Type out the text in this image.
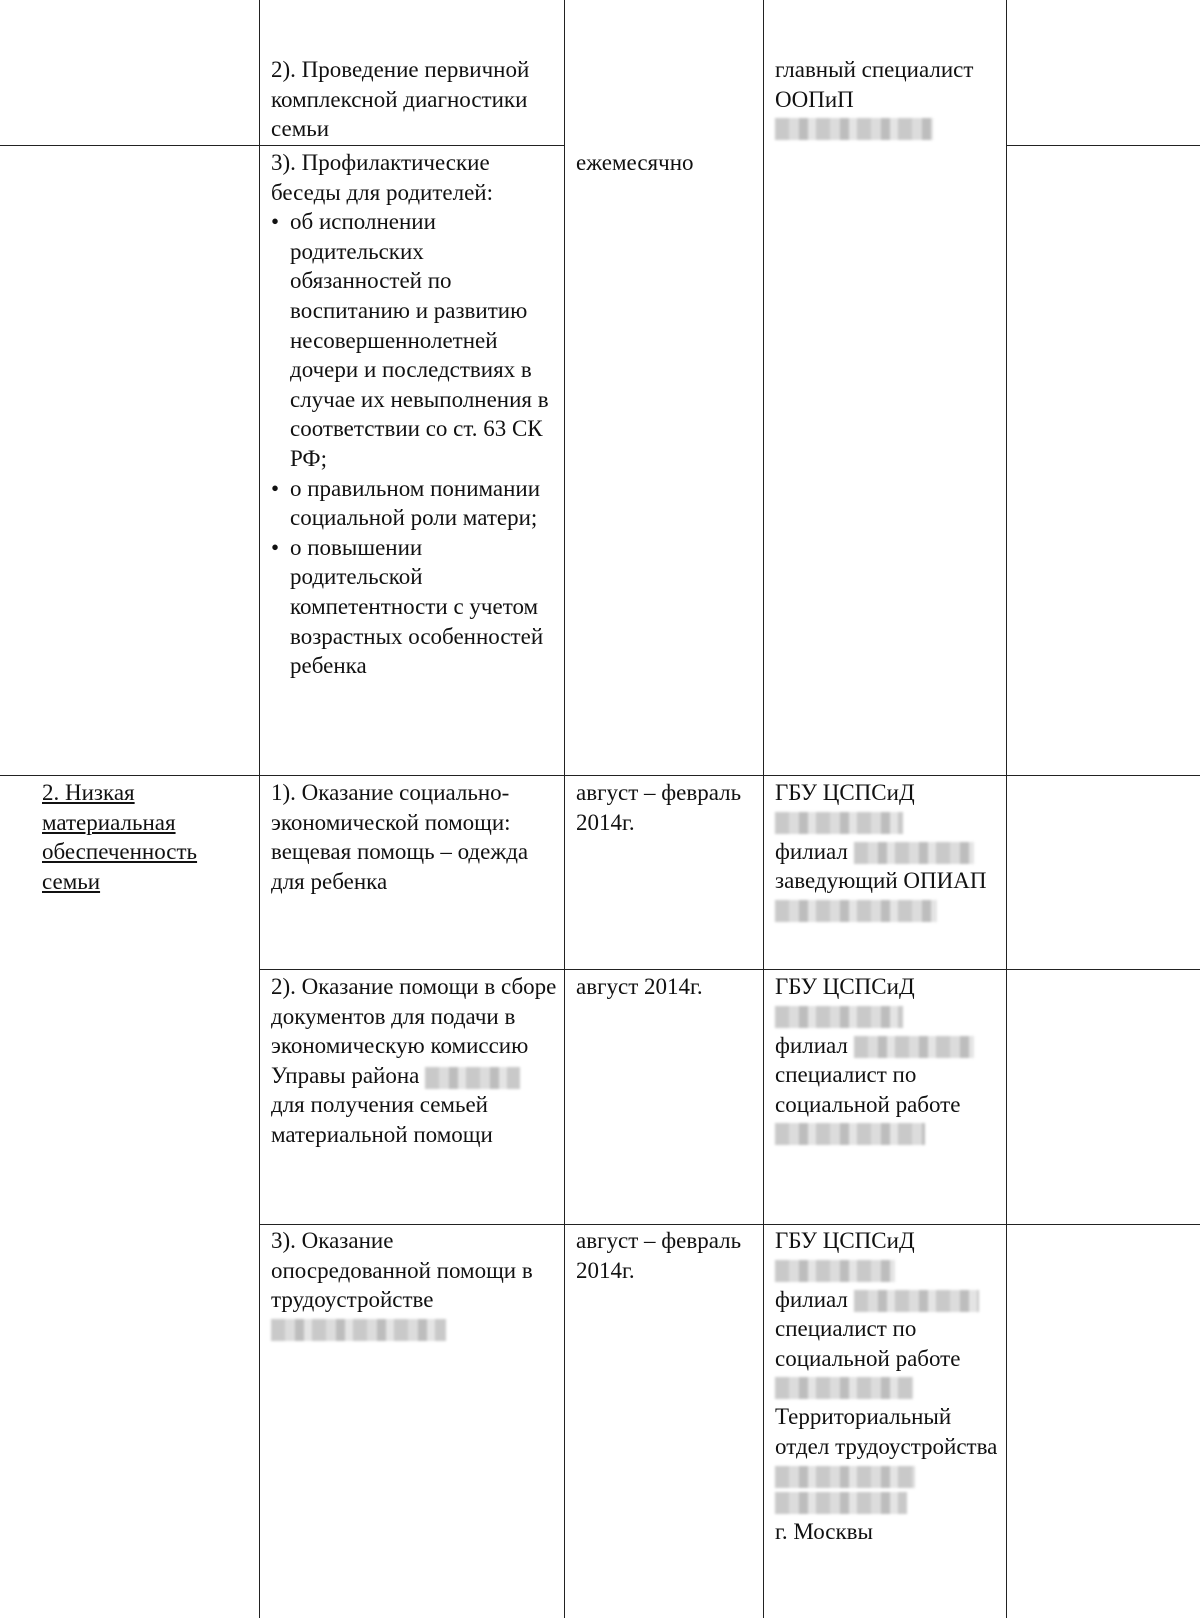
2). Проведение первичной комплексной диагностики семьи

главный специалист ООПиП

3). Профилактические беседы для родителей:

• об исполнении родительских обязанностей по воспитанию и развитию несовершеннолетней дочери и последствиях в случае их невыполнения в соответствии со ст. 63 СК РФ;
• о правильном понимании социальной роли матери;
• о повышении родительской компетентности с учетом возрастных особенностей ребенка

ежемесячно

2. Низкая материальная обеспеченность семьи

1). Оказание социально-экономической помощи: вещевая помощь – одежда для ребенка

август – февраль 2014г.

ГБУ ЦСПСиД

филиал

заведующий ОПИАП

2). Оказание помощи в сборе документов для подачи в экономическую комиссию Управы района  для получения семьей материальной помощи

август 2014г.	ГБУ ЦСПСиД

филиал

специалист по социальной работе

3). Оказание опосредованной помощи в трудоустройстве

август – февраль 2014г.

ГБУ ЦСПСиД

филиал

специалист по социальной работе

Территориальный отдел трудоустройства

г. Москвы
